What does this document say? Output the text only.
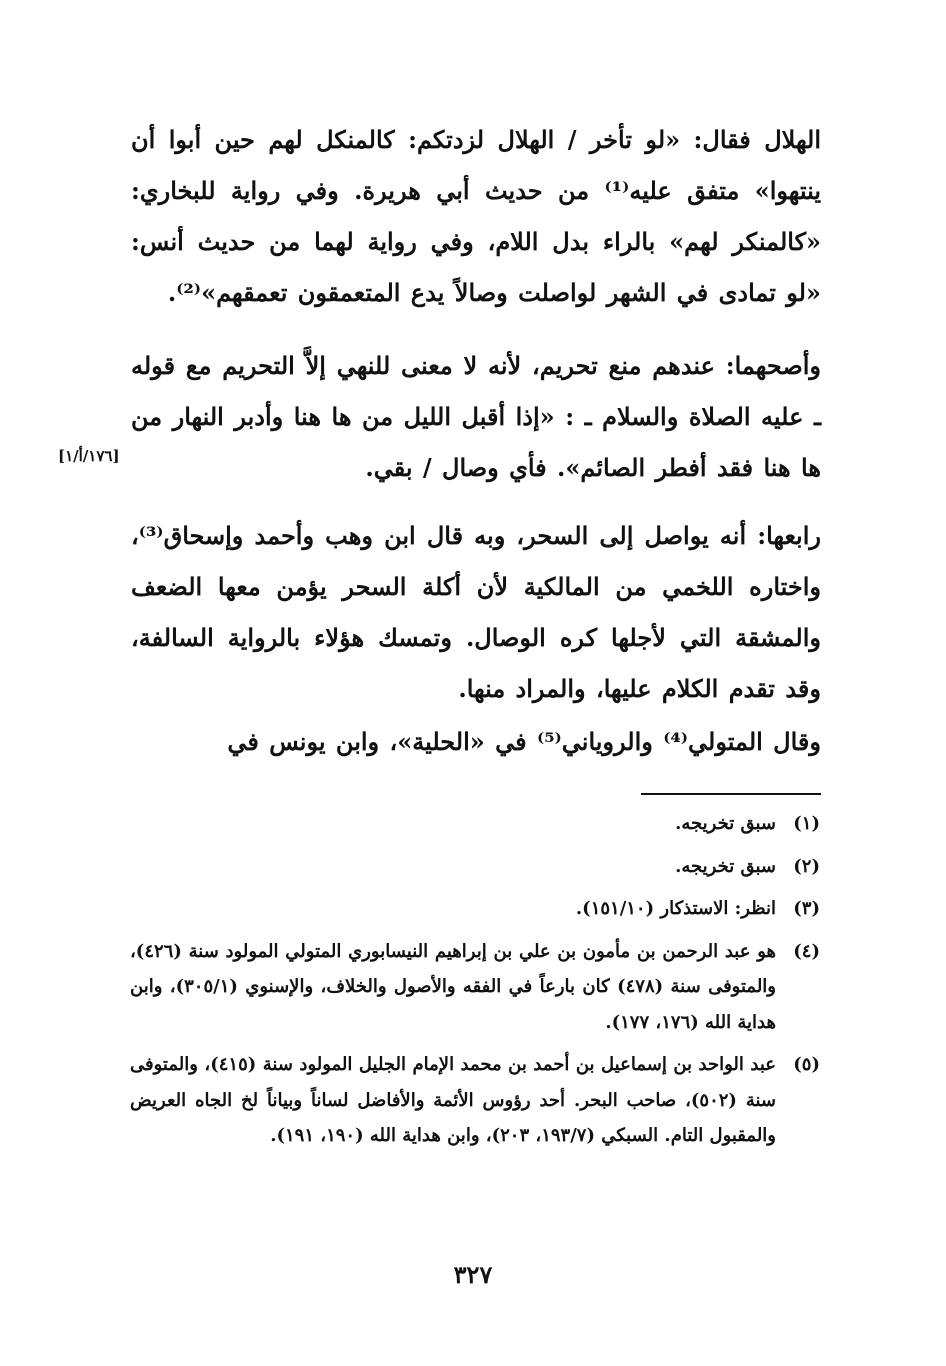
الهلال فقال: «لو تأخر / الهلال لزدتكم: كالمنكل لهم حين أبوا أن ينتهوا» متفق عليه⁽¹⁾ من حديث أبي هريرة. وفي رواية للبخاري: «كالمنكر لهم» بالراء بدل اللام، وفي رواية لهما من حديث أنس: «لو تمادى في الشهر لواصلت وصالاً يدع المتعمقون تعمقهم»⁽²⁾.

وأصحهما: عندهم منع تحريم، لأنه لا معنى للنهي إلاَّ التحريم مع قوله ـ عليه الصلاة والسلام ـ : «إذا أقبل الليل من ها هنا وأدبر النهار من ها هنا فقد أفطر الصائم». فأي وصال / بقي.

[١٧٦/أ/١]

رابعها: أنه يواصل إلى السحر، وبه قال ابن وهب وأحمد وإسحاق⁽³⁾، واختاره اللخمي من المالكية لأن أكلة السحر يؤمن معها الضعف والمشقة التي لأجلها كره الوصال. وتمسك هؤلاء بالرواية السالفة، وقد تقدم الكلام عليها، والمراد منها.

وقال المتولي⁽⁴⁾ والروياني⁽⁵⁾ في «الحلية»، وابن يونس في

(١)
سبق تخريجه.
(٢)
سبق تخريجه.
(٣)
انظر: الاستذكار (١٥١/١٠).
(٤)
هو عبد الرحمن بن مأمون بن علي بن إبراهيم النيسابوري المتولي المولود سنة (٤٢٦)، والمتوفى سنة (٤٧٨) كان بارعاً في الفقه والأصول والخلاف، والإسنوي (٣٠٥/١)، وابن هداية الله (١٧٦، ١٧٧).
(٥)
عبد الواحد بن إسماعيل بن أحمد بن محمد الإمام الجليل المولود سنة (٤١٥)، والمتوفى سنة (٥٠٢)، صاحب البحر. أحد رؤوس الأئمة والأفاضل لساناً وبياناً لخ الجاه العريض والمقبول التام. السبكي (١٩٣/٧، ٢٠٣)، وابن هداية الله (١٩٠، ١٩١).
٣٢٧
